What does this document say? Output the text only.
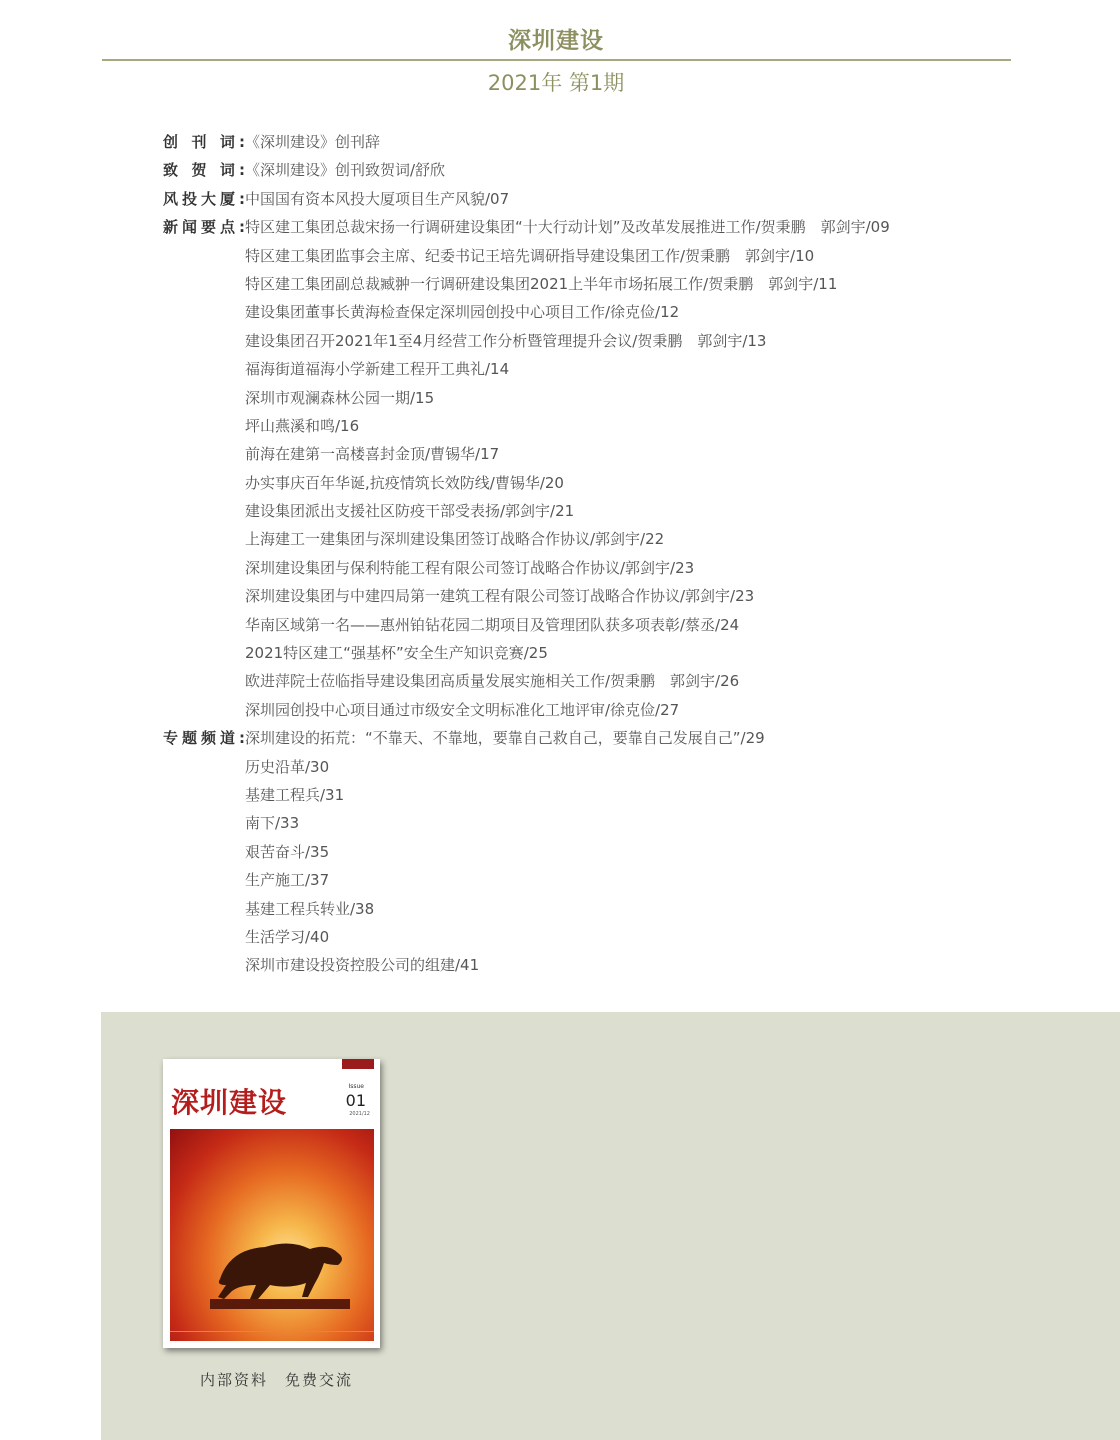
深圳建设
2021年 第1期
创 刊 词: 《深圳建设》创刊辞
致 贺 词: 《深圳建设》创刊致贺词/舒欣
风投大厦: 中国国有资本风投大厦项目生产风貌/07
新闻要点: 特区建工集团总裁宋扬一行调研建设集团“十大行动计划”及改革发展推进工作/贺秉鹏　郭剑宇/09
特区建工集团监事会主席、纪委书记王培先调研指导建设集团工作/贺秉鹏　郭剑宇/10
特区建工集团副总裁臧翀一行调研建设集团2021上半年市场拓展工作/贺秉鹏　郭剑宇/11
建设集团董事长黄海检查保定深圳园创投中心项目工作/徐克俭/12
建设集团召开2021年1至4月经营工作分析暨管理提升会议/贺秉鹏　郭剑宇/13
福海街道福海小学新建工程开工典礼/14
深圳市观澜森林公园一期/15
坪山燕溪和鸣/16
前海在建第一高楼喜封金顶/曹锡华/17
办实事庆百年华诞,抗疫情筑长效防线/曹锡华/20
建设集团派出支援社区防疫干部受表扬/郭剑宇/21
上海建工一建集团与深圳建设集团签订战略合作协议/郭剑宇/22
深圳建设集团与保利特能工程有限公司签订战略合作协议/郭剑宇/23
深圳建设集团与中建四局第一建筑工程有限公司签订战略合作协议/郭剑宇/23
华南区域第一名——惠州铂钻花园二期项目及管理团队获多项表彰/蔡丞/24
2021特区建工“强基杯”安全生产知识竞赛/25
欧进萍院士莅临指导建设集团高质量发展实施相关工作/贺秉鹏　郭剑宇/26
深圳园创投中心项目通过市级安全文明标准化工地评审/徐克俭/27
专题频道: 深圳建设的拓荒：“不靠天、不靠地，要靠自己救自己，要靠自己发展自己”/29
历史沿革/30
基建工程兵/31
南下/33
艰苦奋斗/35
生产施工/37
基建工程兵转业/38
生活学习/40
深圳市建设投资控股公司的组建/41
深圳建设	Issue
01
2021/12
内部资料　免费交流
